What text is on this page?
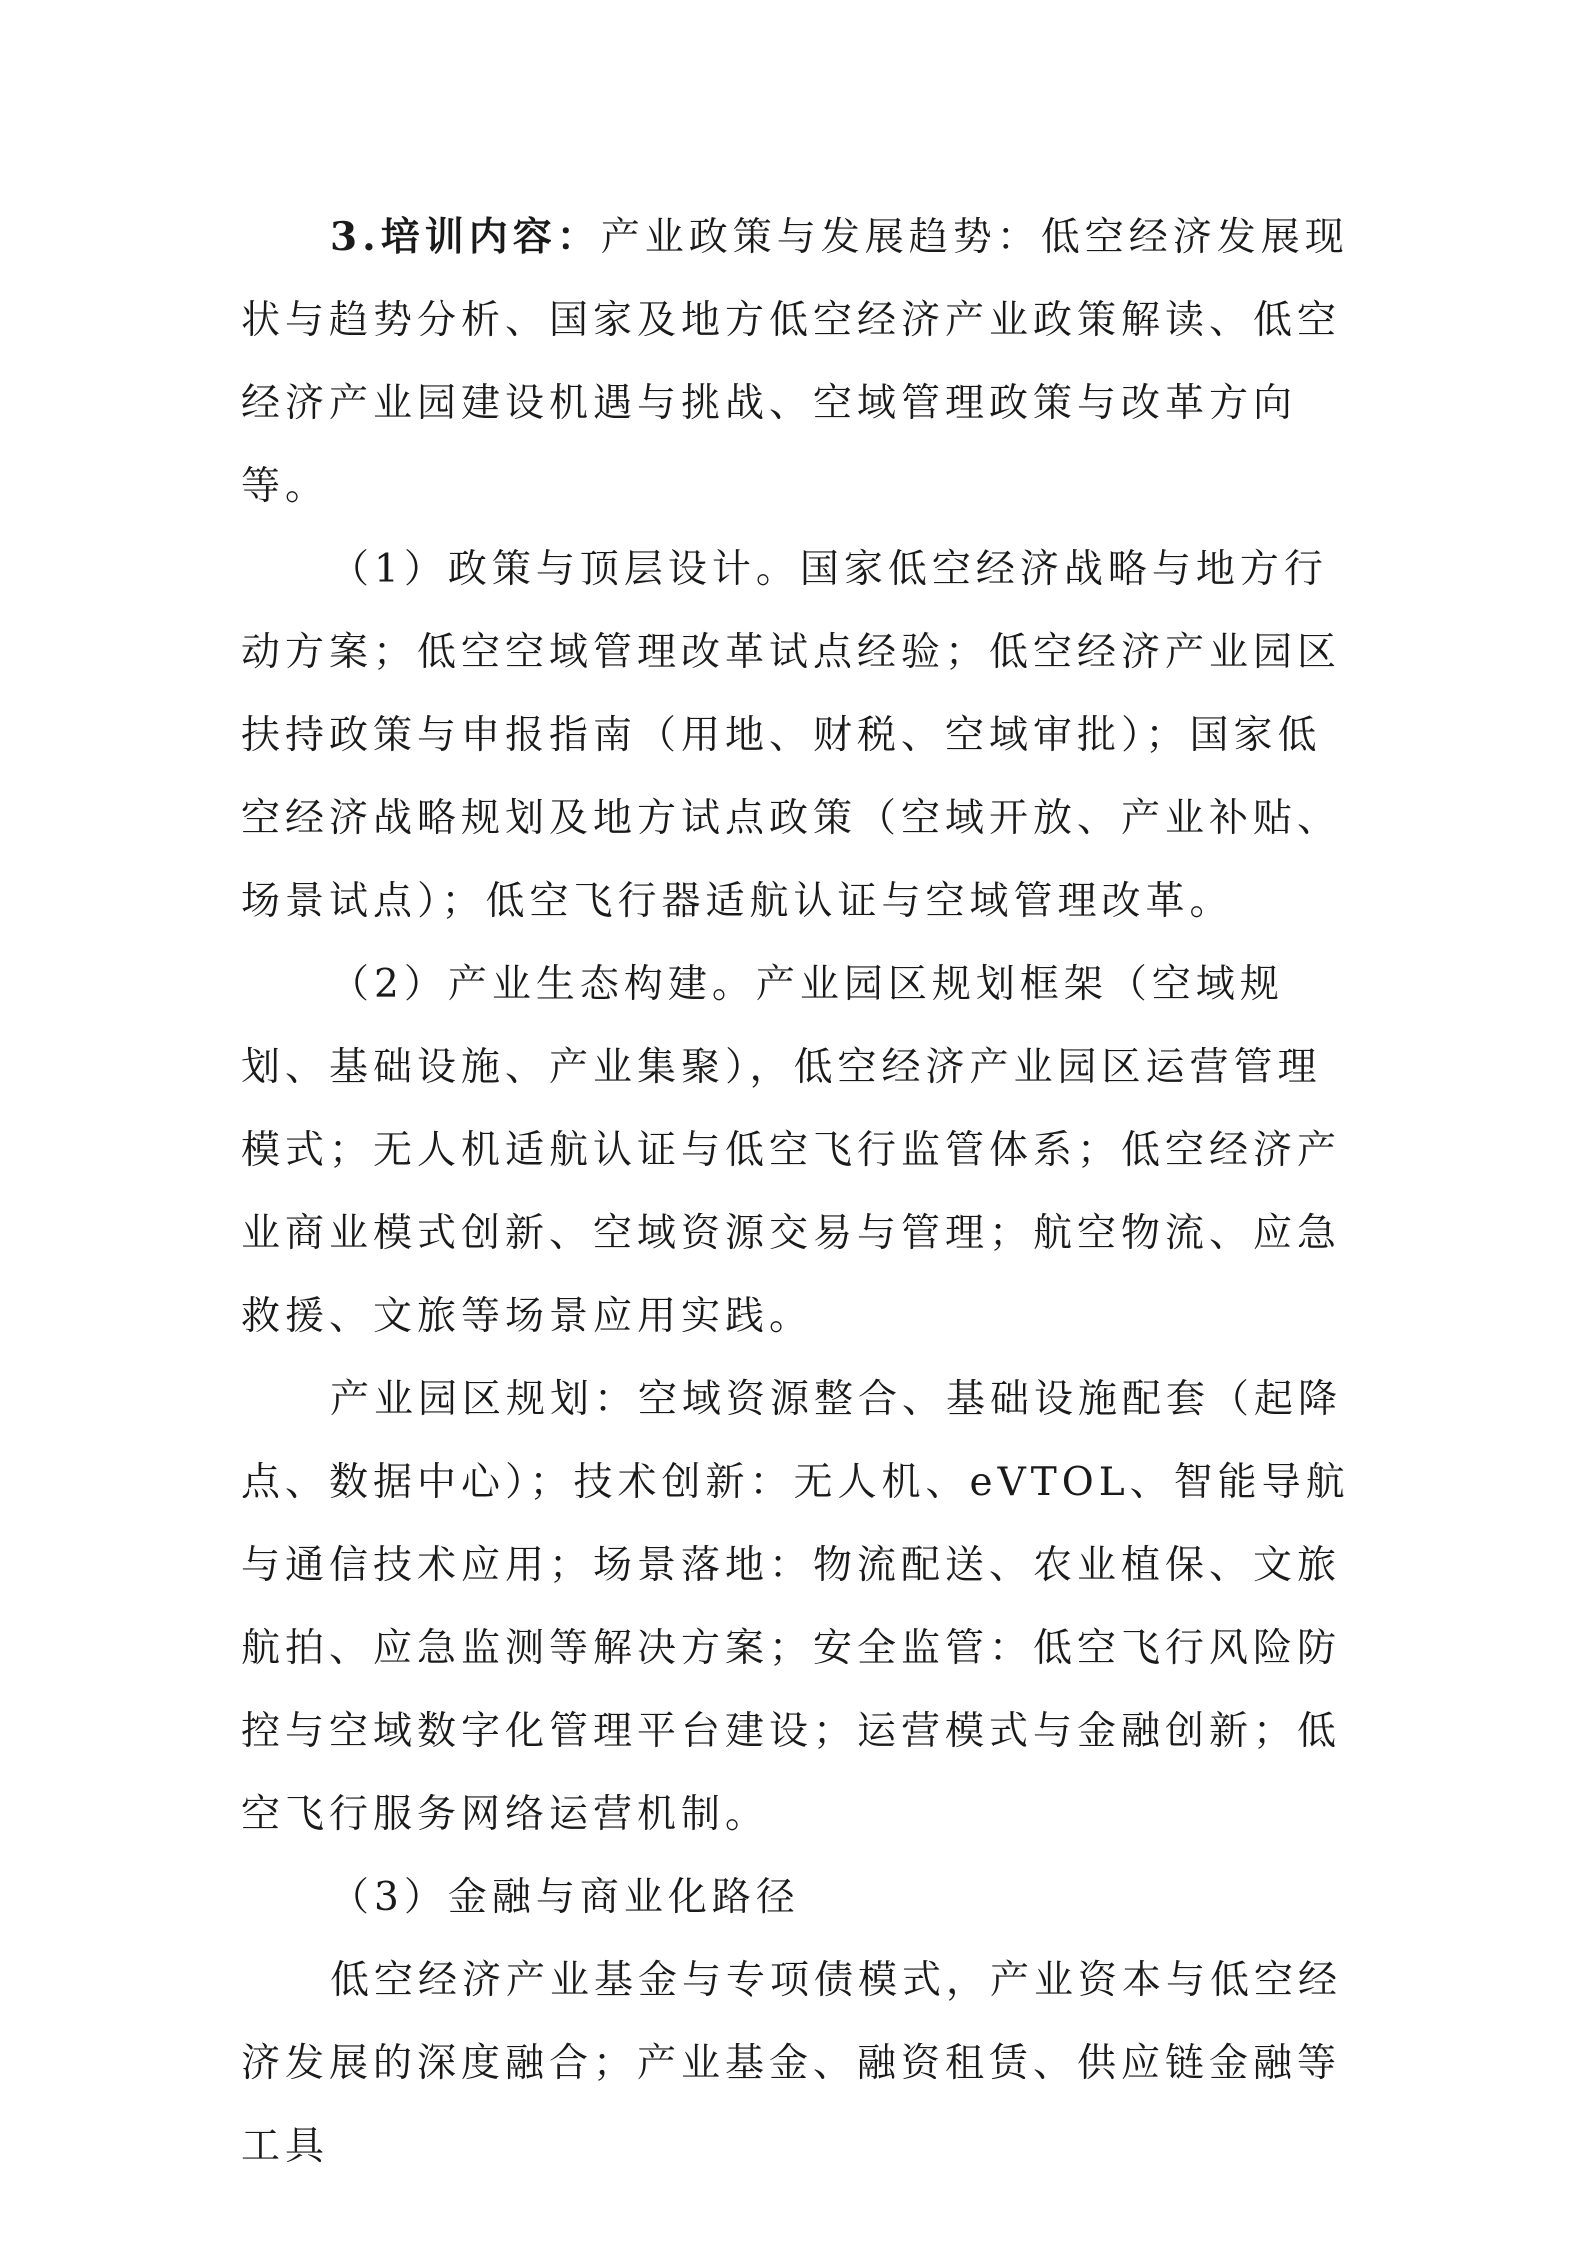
3.培训内容：产业政策与发展趋势：低空经济发展现状与趋势分析、国家及地方低空经济产业政策解读、低空经济产业园建设机遇与挑战、空域管理政策与改革方向等。

（1）政策与顶层设计。国家低空经济战略与地方行动方案；低空空域管理改革试点经验；低空经济产业园区扶持政策与申报指南（用地、财税、空域审批）；国家低空经济战略规划及地方试点政策（空域开放、产业补贴、场景试点）；低空飞行器适航认证与空域管理改革。

（2）产业生态构建。产业园区规划框架（空域规划、基础设施、产业集聚），低空经济产业园区运营管理模式；无人机适航认证与低空飞行监管体系；低空经济产业商业模式创新、空域资源交易与管理；航空物流、应急救援、文旅等场景应用实践。

产业园区规划：空域资源整合、基础设施配套（起降点、数据中心）；技术创新：无人机、eVTOL、智能导航与通信技术应用；场景落地：物流配送、农业植保、文旅航拍、应急监测等解决方案；安全监管：低空飞行风险防控与空域数字化管理平台建设；运营模式与金融创新；低空飞行服务网络运营机制。

（3）金融与商业化路径

低空经济产业基金与专项债模式，产业资本与低空经济发展的深度融合；产业基金、融资租赁、供应链金融等工具
